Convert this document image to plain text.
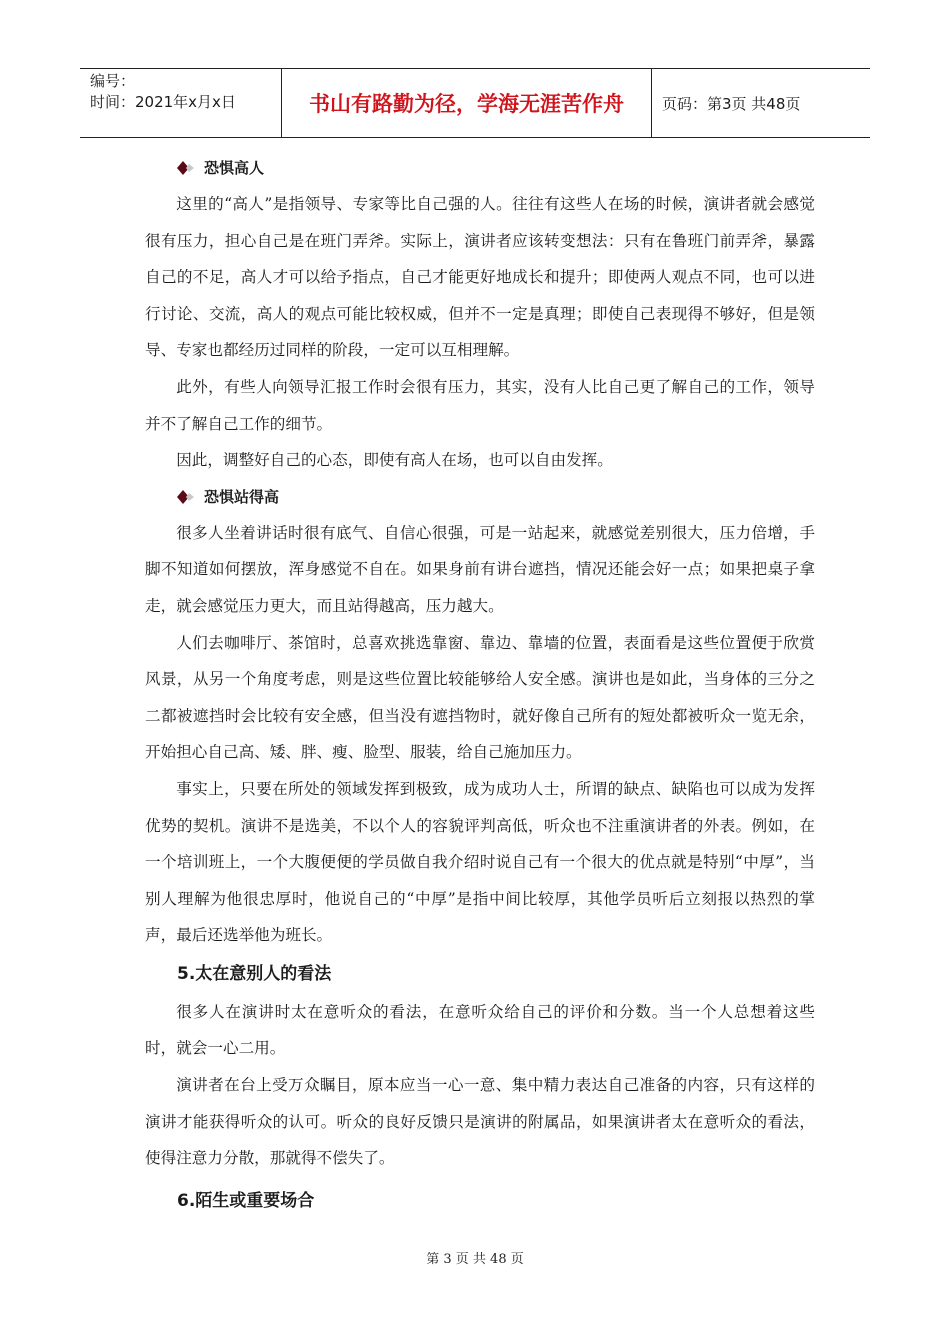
编号：
时间：2021年x月x日	书山有路勤为径，学海无涯苦作舟	页码：第3页 共48页
恐惧高人

这里的“高人”是指领导、专家等比自己强的人。往往有这些人在场的时候，演讲者就会感觉很有压力，担心自己是在班门弄斧。实际上，演讲者应该转变想法：只有在鲁班门前弄斧，暴露自己的不足，高人才可以给予指点，自己才能更好地成长和提升；即使两人观点不同，也可以进行讨论、交流，高人的观点可能比较权威，但并不一定是真理；即使自己表现得不够好，但是领导、专家也都经历过同样的阶段，一定可以互相理解。

此外，有些人向领导汇报工作时会很有压力，其实，没有人比自己更了解自己的工作，领导并不了解自己工作的细节。

因此，调整好自己的心态，即使有高人在场，也可以自由发挥。

恐惧站得高

很多人坐着讲话时很有底气、自信心很强，可是一站起来，就感觉差别很大，压力倍增，手脚不知道如何摆放，浑身感觉不自在。如果身前有讲台遮挡，情况还能会好一点；如果把桌子拿走，就会感觉压力更大，而且站得越高，压力越大。

人们去咖啡厅、茶馆时，总喜欢挑选靠窗、靠边、靠墙的位置，表面看是这些位置便于欣赏风景，从另一个角度考虑，则是这些位置比较能够给人安全感。演讲也是如此，当身体的三分之二都被遮挡时会比较有安全感，但当没有遮挡物时，就好像自己所有的短处都被听众一览无余，开始担心自己高、矮、胖、瘦、脸型、服装，给自己施加压力。

事实上，只要在所处的领域发挥到极致，成为成功人士，所谓的缺点、缺陷也可以成为发挥优势的契机。演讲不是选美，不以个人的容貌评判高低，听众也不注重演讲者的外表。例如，在一个培训班上，一个大腹便便的学员做自我介绍时说自己有一个很大的优点就是特别“中厚”，当别人理解为他很忠厚时，他说自己的“中厚”是指中间比较厚，其他学员听后立刻报以热烈的掌声，最后还选举他为班长。

5.太在意别人的看法

很多人在演讲时太在意听众的看法，在意听众给自己的评价和分数。当一个人总想着这些时，就会一心二用。

演讲者在台上受万众瞩目，原本应当一心一意、集中精力表达自己准备的内容，只有这样的演讲才能获得听众的认可。听众的良好反馈只是演讲的附属品，如果演讲者太在意听众的看法，使得注意力分散，那就得不偿失了。

6.陌生或重要场合
第 3 页 共 48 页
